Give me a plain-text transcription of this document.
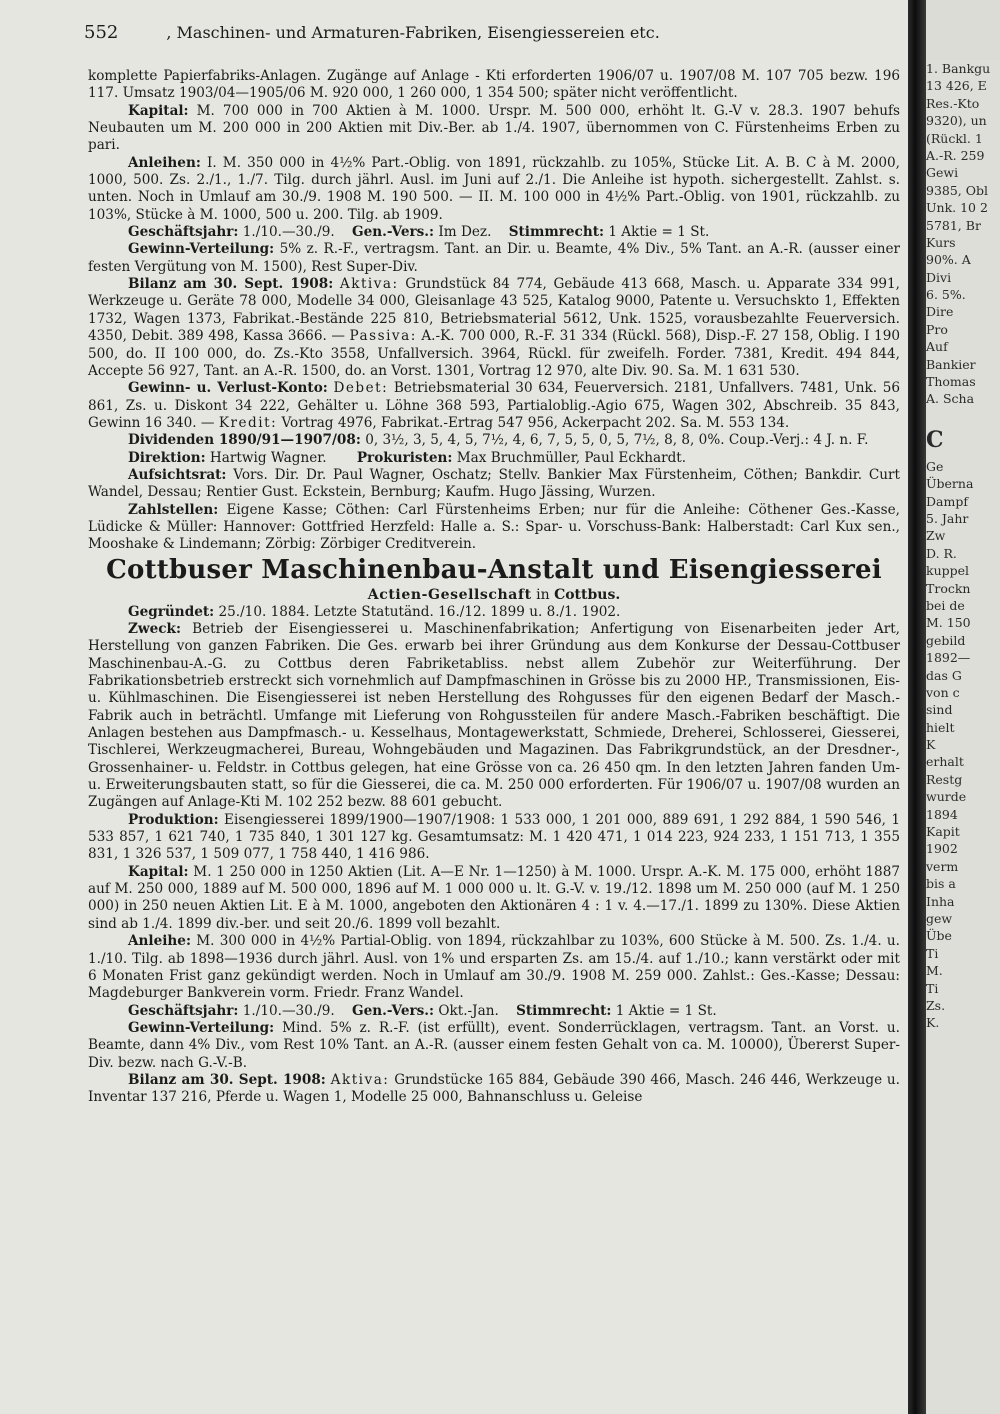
552	, Maschinen- und Armaturen-Fabriken, Eisengiessereien etc.

komplette Papierfabriks-Anlagen. Zugänge auf Anlage - Kti erforderten 1906/07 u. 1907/08 M. 107 705 bezw. 196 117. Umsatz 1903/04—1905/06 M. 920 000, 1 260 000, 1 354 500; später nicht veröffentlicht.

Kapital: M. 700 000 in 700 Aktien à M. 1000. Urspr. M. 500 000, erhöht lt. G.-V v. 28.3. 1907 behufs Neubauten um M. 200 000 in 200 Aktien mit Div.-Ber. ab 1./4. 1907, übernommen von C. Fürstenheims Erben zu pari.

Anleihen: I. M. 350 000 in 4½% Part.-Oblig. von 1891, rückzahlb. zu 105%, Stücke Lit. A. B. C à M. 2000, 1000, 500. Zs. 2./1., 1./7. Tilg. durch jährl. Ausl. im Juni auf 2./1. Die Anleihe ist hypoth. sichergestellt. Zahlst. s. unten. Noch in Umlauf am 30./9. 1908 M. 190 500. — II. M. 100 000 in 4½% Part.-Oblig. von 1901, rückzahlb. zu 103%, Stücke à M. 1000, 500 u. 200. Tilg. ab 1909.

Geschäftsjahr: 1./10.—30./9. Gen.-Vers.: Im Dez. Stimmrecht: 1 Aktie = 1 St.

Gewinn-Verteilung: 5% z. R.-F., vertragsm. Tant. an Dir. u. Beamte, 4% Div., 5% Tant. an A.-R. (ausser einer festen Vergütung von M. 1500), Rest Super-Div.

Bilanz am 30. Sept. 1908: Aktiva: Grundstück 84 774, Gebäude 413 668, Masch. u. Apparate 334 991, Werkzeuge u. Geräte 78 000, Modelle 34 000, Gleisanlage 43 525, Katalog 9000, Patente u. Versuchskto 1, Effekten 1732, Wagen 1373, Fabrikat.-Bestände 225 810, Betriebsmaterial 5612, Unk. 1525, vorausbezahlte Feuerversich. 4350, Debit. 389 498, Kassa 3666. — Passiva: A.-K. 700 000, R.-F. 31 334 (Rückl. 568), Disp.-F. 27 158, Oblig. I 190 500, do. II 100 000, do. Zs.-Kto 3558, Unfallversich. 3964, Rückl. für zweifelh. Forder. 7381, Kredit. 494 844, Accepte 56 927, Tant. an A.-R. 1500, do. an Vorst. 1301, Vortrag 12 970, alte Div. 90. Sa. M. 1 631 530.

Gewinn- u. Verlust-Konto: Debet: Betriebsmaterial 30 634, Feuerversich. 2181, Unfallvers. 7481, Unk. 56 861, Zs. u. Diskont 34 222, Gehälter u. Löhne 368 593, Partialoblig.-Agio 675, Wagen 302, Abschreib. 35 843, Gewinn 16 340. — Kredit: Vortrag 4976, Fabrikat.-Ertrag 547 956, Ackerpacht 202. Sa. M. 553 134.

Dividenden 1890/91—1907/08: 0, 3½, 3, 5, 4, 5, 7½, 4, 6, 7, 5, 5, 0, 5, 7½, 8, 8, 0%. Coup.-Verj.: 4 J. n. F.

Direktion: Hartwig Wagner. Prokuristen: Max Bruchmüller, Paul Eckhardt.

Aufsichtsrat: Vors. Dir. Dr. Paul Wagner, Oschatz; Stellv. Bankier Max Fürstenheim, Cöthen; Bankdir. Curt Wandel, Dessau; Rentier Gust. Eckstein, Bernburg; Kaufm. Hugo Jässing, Wurzen.

Zahlstellen: Eigene Kasse; Cöthen: Carl Fürstenheims Erben; nur für die Anleihe: Cöthener Ges.-Kasse, Lüdicke & Müller: Hannover: Gottfried Herzfeld: Halle a. S.: Spar- u. Vorschuss-Bank: Halberstadt: Carl Kux sen., Mooshake & Lindemann; Zörbig: Zörbiger Creditverein.

Cottbuser Maschinenbau-Anstalt und Eisengiesserei

Actien-Gesellschaft in Cottbus.

Gegründet: 25./10. 1884. Letzte Statutänd. 16./12. 1899 u. 8./1. 1902.

Zweck: Betrieb der Eisengiesserei u. Maschinenfabrikation; Anfertigung von Eisenarbeiten jeder Art, Herstellung von ganzen Fabriken. Die Ges. erwarb bei ihrer Gründung aus dem Konkurse der Dessau-Cottbuser Maschinenbau-A.-G. zu Cottbus deren Fabriketabliss. nebst allem Zubehör zur Weiterführung. Der Fabrikationsbetrieb erstreckt sich vornehmlich auf Dampfmaschinen in Grösse bis zu 2000 HP., Transmissionen, Eis- u. Kühlmaschinen. Die Eisengiesserei ist neben Herstellung des Rohgusses für den eigenen Bedarf der Masch.-Fabrik auch in beträchtl. Umfange mit Lieferung von Rohgussteilen für andere Masch.-Fabriken beschäftigt. Die Anlagen bestehen aus Dampfmasch.- u. Kesselhaus, Montagewerkstatt, Schmiede, Dreherei, Schlosserei, Giesserei, Tischlerei, Werkzeugmacherei, Bureau, Wohngebäuden und Magazinen. Das Fabrikgrundstück, an der Dresdner-, Grossenhainer- u. Feldstr. in Cottbus gelegen, hat eine Grösse von ca. 26 450 qm. In den letzten Jahren fanden Um- u. Erweiterungsbauten statt, so für die Giesserei, die ca. M. 250 000 erforderten. Für 1906/07 u. 1907/08 wurden an Zugängen auf Anlage-Kti M. 102 252 bezw. 88 601 gebucht.

Produktion: Eisengiesserei 1899/1900—1907/1908: 1 533 000, 1 201 000, 889 691, 1 292 884, 1 590 546, 1 533 857, 1 621 740, 1 735 840, 1 301 127 kg. Gesamtumsatz: M. 1 420 471, 1 014 223, 924 233, 1 151 713, 1 355 831, 1 326 537, 1 509 077, 1 758 440, 1 416 986.

Kapital: M. 1 250 000 in 1250 Aktien (Lit. A—E Nr. 1—1250) à M. 1000. Urspr. A.-K. M. 175 000, erhöht 1887 auf M. 250 000, 1889 auf M. 500 000, 1896 auf M. 1 000 000 u. lt. G.-V. v. 19./12. 1898 um M. 250 000 (auf M. 1 250 000) in 250 neuen Aktien Lit. E à M. 1000, angeboten den Aktionären 4 : 1 v. 4.—17./1. 1899 zu 130%. Diese Aktien sind ab 1./4. 1899 div.-ber. und seit 20./6. 1899 voll bezahlt.

Anleihe: M. 300 000 in 4½% Partial-Oblig. von 1894, rückzahlbar zu 103%, 600 Stücke à M. 500. Zs. 1./4. u. 1./10. Tilg. ab 1898—1936 durch jährl. Ausl. von 1% und ersparten Zs. am 15./4. auf 1./10.; kann verstärkt oder mit 6 Monaten Frist ganz gekündigt werden. Noch in Umlauf am 30./9. 1908 M. 259 000. Zahlst.: Ges.-Kasse; Dessau: Magdeburger Bankverein vorm. Friedr. Franz Wandel.

Geschäftsjahr: 1./10.—30./9. Gen.-Vers.: Okt.-Jan. Stimmrecht: 1 Aktie = 1 St.

Gewinn-Verteilung: Mind. 5% z. R.-F. (ist erfüllt), event. Sonderrücklagen, vertragsm. Tant. an Vorst. u. Beamte, dann 4% Div., vom Rest 10% Tant. an A.-R. (ausser einem festen Gehalt von ca. M. 10000), Übererst Super-Div. bezw. nach G.-V.-B.

Bilanz am 30. Sept. 1908: Aktiva: Grundstücke 165 884, Gebäude 390 466, Masch. 246 446, Werkzeuge u. Inventar 137 216, Pferde u. Wagen 1, Modelle 25 000, Bahnanschluss u. Geleise

1. Bankgu
13 426, E
Res.-Kto
9320), un
(Rückl. 1
A.-R. 259
Gewi
9385, Obl
Unk. 10 2
5781, Br
Kurs
90%. A
Divi
6. 5%.
Dire
Pro
Auf
Bankier
Thomas
A. Scha
C
Ge
Überna
Dampf
5. Jahr
Zw
D. R.
kuppel
Trockn
bei de
M. 150
gebild
1892—
das G
von c
sind
hielt
K
erhalt
Restg
wurde
1894
Kapit
1902
verm
bis a
Inha
gew
Übe
Ti
M.
Ti
Zs.
K.
